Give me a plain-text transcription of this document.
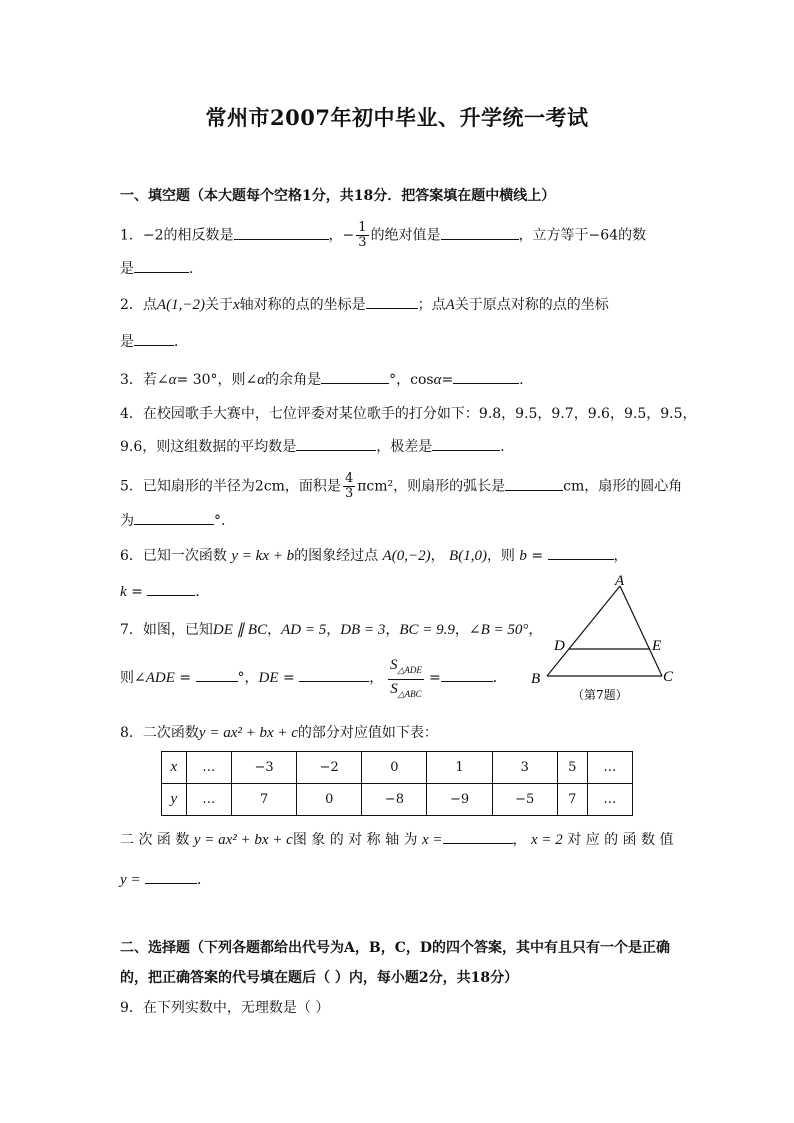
常州市2007年初中毕业、升学统一考试
一、填空题（本大题每个空格1分，共18分．把答案填在题中横线上）
1．−2的相反数是	，− $\frac{1}{3}$ 的绝对值是	，立方等于−64的数
是	．
2．点A(1,−2)关于x轴对称的点的坐标是	；点A关于原点对称的点的坐标
是	．
3．若∠α= 30°，则∠α的余角是	°，cosα=	．
4．在校园歌手大赛中，七位评委对某位歌手的打分如下：9.8，9.5，9.7，9.6，9.5，9.5，
9.6，则这组数据的平均数是	，极差是	．
5．已知扇形的半径为2cm，面积是 $\frac{4}{3} \pi cm^2$，则扇形的弧长是	cm，扇形的圆心角
为	°．
6．已知一次函数 y = kx + b的图象经过点 A(0,−2)， B(1,0)，则 b =	，
k =	．
7．如图，已知DE ∥ BC，AD = 5，DB = 3，BC = 9.9，∠B = 50°，
则∠ADE =	°，DE =	， $\frac{S_{\triangle ADE}}{S_{\triangle ABC}}$ =	．
A
B	C
D	E
（第7题）
8．二次函数y = ax² + bx + c的部分对应值如下表：
x	…	−3	−2	0	1	3	5	…
y	…	7	0	−8	−9	−5	7	…
二 次 函 数 y = ax² + bx + c图 象 的 对 称 轴 为 x =	， x = 2 对 应 的 函 数 值
y =	．
二、选择题（下列各题都给出代号为A，B，C，D的四个答案，其中有且只有一个是正确
的，把正确答案的代号填在题后（ ）内，每小题2分，共18分）
9．在下列实数中，无理数是（ ）
